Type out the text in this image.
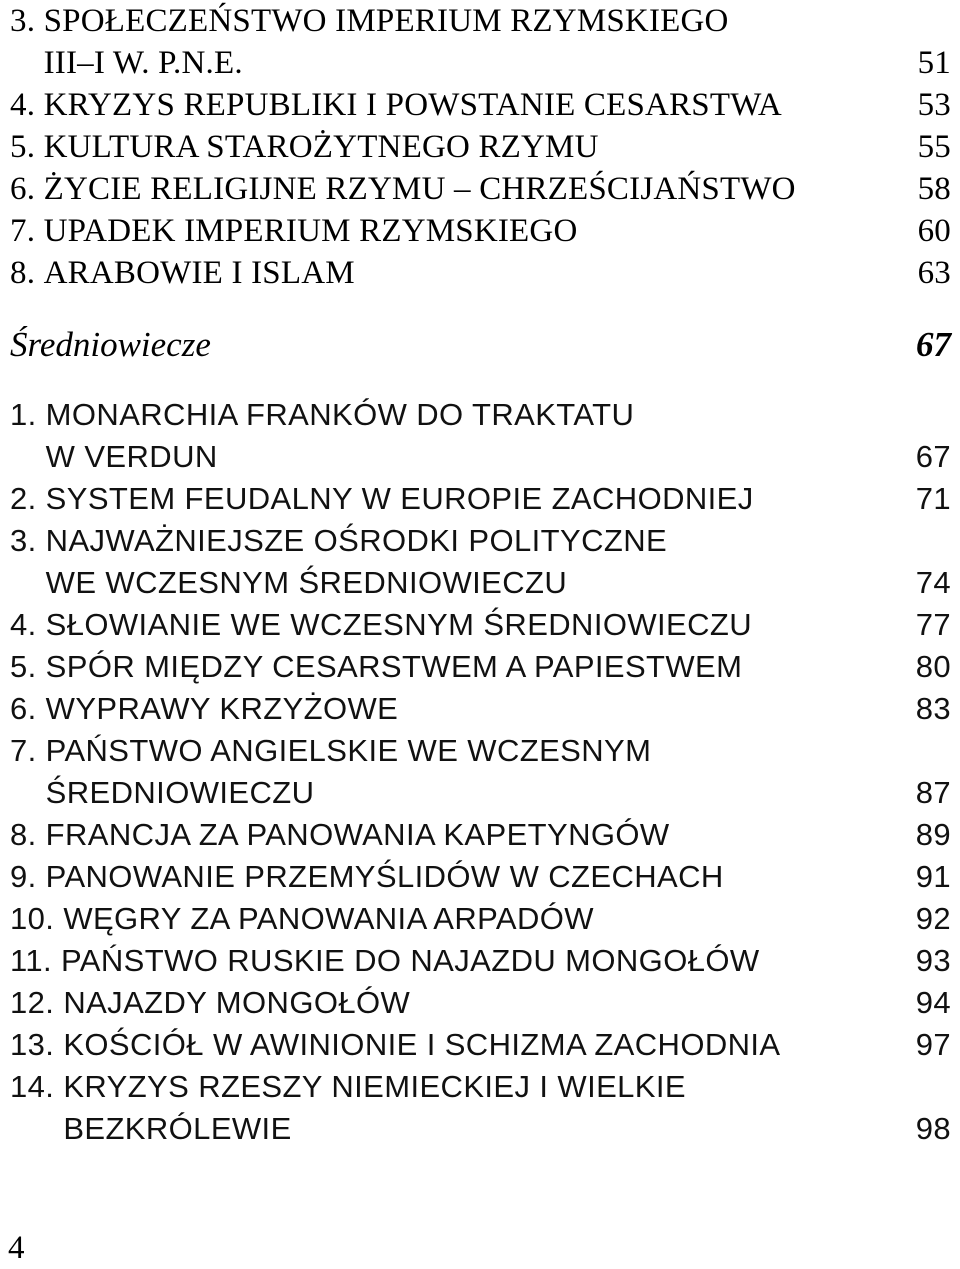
3. SPOŁECZEŃSTWO IMPERIUM RZYMSKIEGO
III–I W. P.N.E.	51
4. KRYZYS REPUBLIKI I POWSTANIE CESARSTWA	53
5. KULTURA STAROŻYTNEGO RZYMU	55
6. ŻYCIE RELIGIJNE RZYMU – CHRZEŚCIJAŃSTWO	58
7. UPADEK IMPERIUM RZYMSKIEGO	60
8. ARABOWIE I ISLAM	63
Średniowiecze	67
1. MONARCHIA FRANKÓW DO TRAKTATU
W VERDUN	67
2. SYSTEM FEUDALNY W EUROPIE ZACHODNIEJ	71
3. NAJWAŻNIEJSZE OŚRODKI POLITYCZNE
WE WCZESNYM ŚREDNIOWIECZU	74
4. SŁOWIANIE WE WCZESNYM ŚREDNIOWIECZU	77
5. SPÓR MIĘDZY CESARSTWEM A PAPIESTWEM	80
6. WYPRAWY KRZYŻOWE	83
7. PAŃSTWO ANGIELSKIE WE WCZESNYM
ŚREDNIOWIECZU	87
8. FRANCJA ZA PANOWANIA KAPETYNGÓW	89
9. PANOWANIE PRZEMYŚLIDÓW W CZECHACH	91
10. WĘGRY ZA PANOWANIA ARPADÓW	92
11. PAŃSTWO RUSKIE DO NAJAZDU MONGOŁÓW	93
12. NAJAZDY MONGOŁÓW	94
13. KOŚCIÓŁ W AWINIONIE I SCHIZMA ZACHODNIA	97
14. KRYZYS RZESZY NIEMIECKIEJ I WIELKIE
BEZKRÓLEWIE	98
4
